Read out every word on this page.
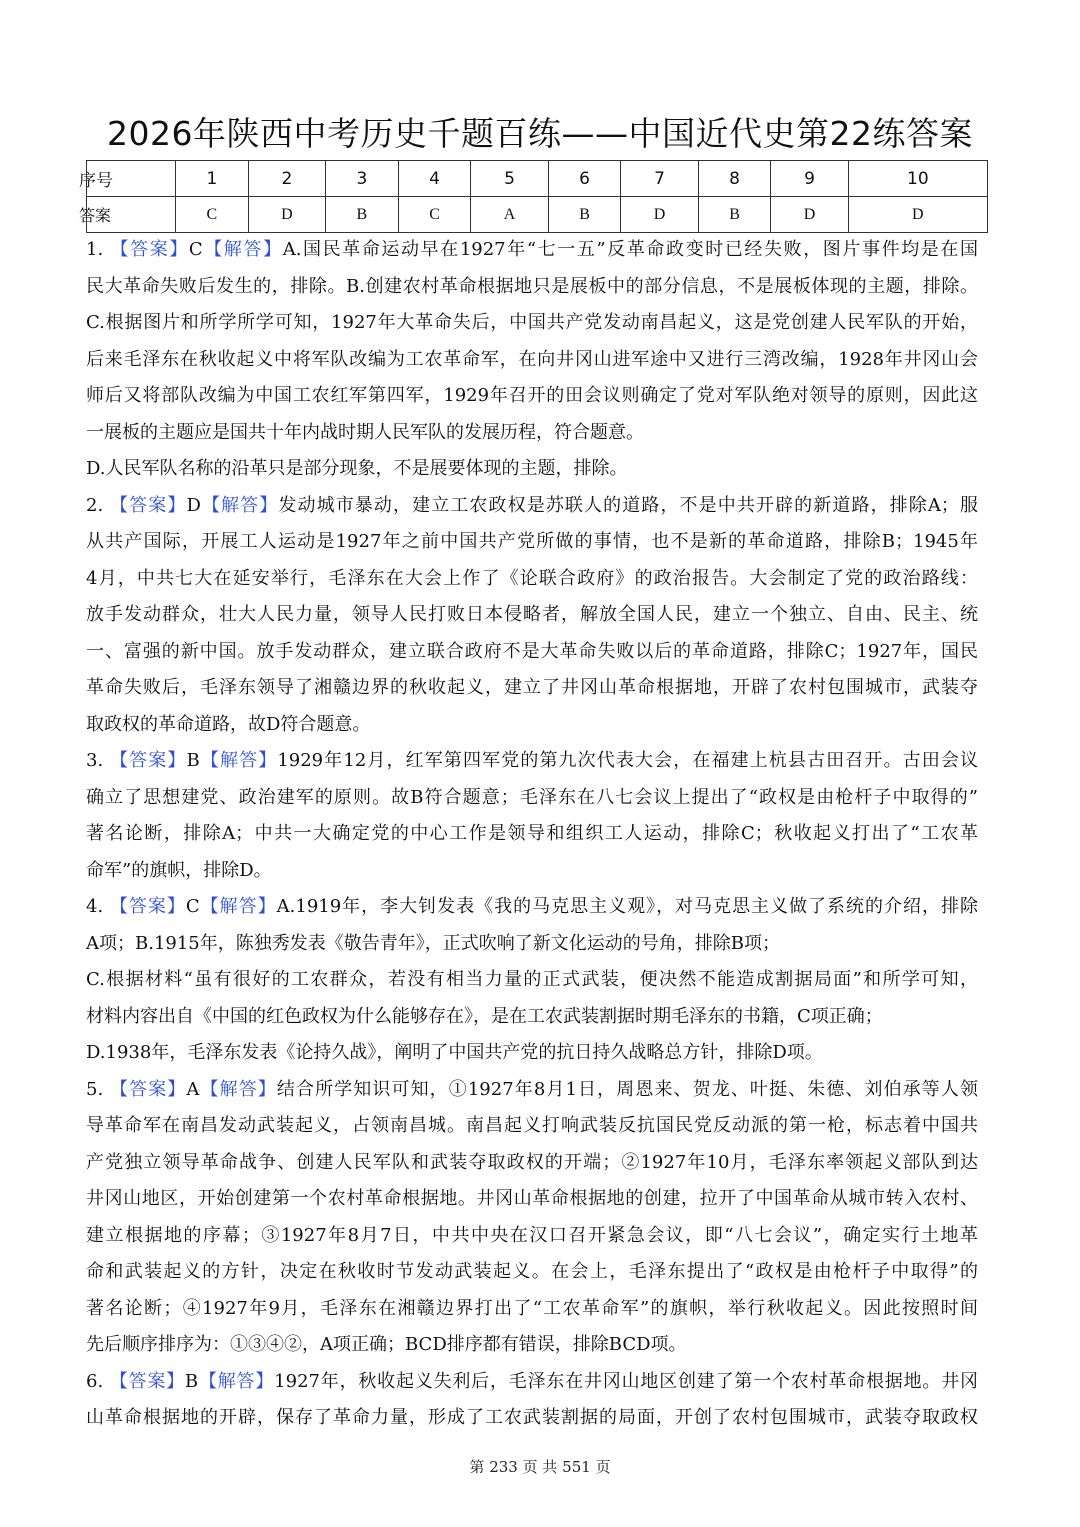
2026年陕西中考历史千题百练——中国近代史第22练答案
序号	1	2	3	4	5	6	7	8	9	10
答案	C	D	B	C	A	B	D	B	D	D
1. 【答案】C【解答】A.国民革命运动早在1927年“七一五”反革命政变时已经失败，图片事件均是在国
民大革命失败后发生的，排除。B.创建农村革命根据地只是展板中的部分信息，不是展板体现的主题，排除。
C.根据图片和所学所学可知，1927年大革命失后，中国共产党发动南昌起义，这是党创建人民军队的开始，
后来毛泽东在秋收起义中将军队改编为工农革命军，在向井冈山进军途中又进行三湾改编，1928年井冈山会
师后又将部队改编为中国工农红军第四军，1929年召开的田会议则确定了党对军队绝对领导的原则，因此这
一展板的主题应是国共十年内战时期人民军队的发展历程，符合题意。
D.人民军队名称的沿革只是部分现象，不是展要体现的主题，排除。
2. 【答案】D【解答】发动城市暴动，建立工农政权是苏联人的道路，不是中共开辟的新道路，排除A；服
从共产国际，开展工人运动是1927年之前中国共产党所做的事情，也不是新的革命道路，排除B；1945年
4月，中共七大在延安举行，毛泽东在大会上作了《论联合政府》的政治报告。大会制定了党的政治路线：
放手发动群众，壮大人民力量，领导人民打败日本侵略者，解放全国人民，建立一个独立、自由、民主、统
一、富强的新中国。放手发动群众，建立联合政府不是大革命失败以后的革命道路，排除C；1927年，国民
革命失败后，毛泽东领导了湘赣边界的秋收起义，建立了井冈山革命根据地，开辟了农村包围城市，武装夺
取政权的革命道路，故D符合题意。
3. 【答案】B【解答】1929年12月，红军第四军党的第九次代表大会，在福建上杭县古田召开。古田会议
确立了思想建党、政治建军的原则。故B符合题意；毛泽东在八七会议上提出了“政权是由枪杆子中取得的”
著名论断，排除A；中共一大确定党的中心工作是领导和组织工人运动，排除C；秋收起义打出了“工农革
命军”的旗帜，排除D。
4. 【答案】C【解答】A.1919年，李大钊发表《我的马克思主义观》，对马克思主义做了系统的介绍，排除
A项；B.1915年，陈独秀发表《敬告青年》，正式吹响了新文化运动的号角，排除B项；
C.根据材料“虽有很好的工农群众，若没有相当力量的正式武装，便决然不能造成割据局面”和所学可知，
材料内容出自《中国的红色政权为什么能够存在》，是在工农武装割据时期毛泽东的书籍，C项正确；
D.1938年，毛泽东发表《论持久战》，阐明了中国共产党的抗日持久战略总方针，排除D项。
5. 【答案】A【解答】结合所学知识可知，①1927年8月1日，周恩来、贺龙、叶挺、朱德、刘伯承等人领
导革命军在南昌发动武装起义，占领南昌城。南昌起义打响武装反抗国民党反动派的第一枪，标志着中国共
产党独立领导革命战争、创建人民军队和武装夺取政权的开端；②1927年10月，毛泽东率领起义部队到达
井冈山地区，开始创建第一个农村革命根据地。井冈山革命根据地的创建，拉开了中国革命从城市转入农村、
建立根据地的序幕；③1927年8月7日，中共中央在汉口召开紧急会议，即“八七会议”，确定实行土地革
命和武装起义的方针，决定在秋收时节发动武装起义。在会上，毛泽东提出了“政权是由枪杆子中取得”的
著名论断；④1927年9月，毛泽东在湘赣边界打出了“工农革命军”的旗帜，举行秋收起义。因此按照时间
先后顺序排序为：①③④②，A项正确；BCD排序都有错误，排除BCD项。
6. 【答案】B【解答】1927年，秋收起义失利后，毛泽东在井冈山地区创建了第一个农村革命根据地。井冈
山革命根据地的开辟，保存了革命力量，形成了工农武装割据的局面，开创了农村包围城市，武装夺取政权
第 233 页 共 551 页
